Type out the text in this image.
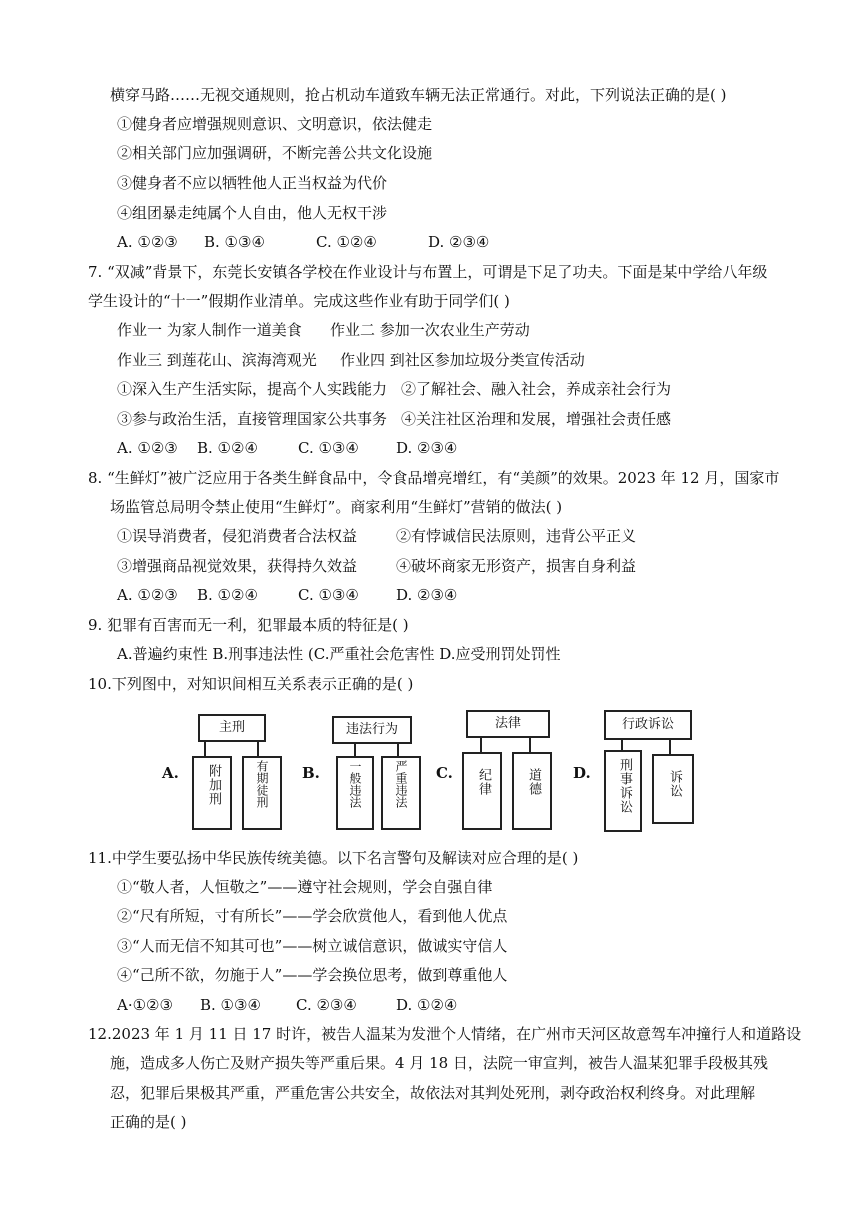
横穿马路……无视交通规则，抢占机动车道致车辆无法正常通行。对此，下列说法正确的是( )
①健身者应增强规则意识、文明意识，依法健走
②相关部门应加强调研，不断完善公共文化设施
③健身者不应以牺牲他人正当权益为代价
④组团暴走纯属个人自由，他人无权干涉
A. ①②③ B. ①③④	C. ①②④	D. ②③④
7. “双减”背景下，东莞长安镇各学校在作业设计与布置上，可谓是下足了功夫。下面是某中学给八年级
学生设计的“十一”假期作业清单。完成这些作业有助于同学们( )
作业一 为家人制作一道美食 作业二 参加一次农业生产劳动
作业三 到莲花山、滨海湾观光 作业四 到社区参加垃圾分类宣传活动
①深入生产生活实际，提高个人实践能力 ②了解社会、融入社会，养成亲社会行为
③参与政治生活，直接管理国家公共事务 ④关注社区治理和发展，增强社会责任感
A. ①②③ B. ①②④	C. ①③④ D. ②③④
8. “生鲜灯”被广泛应用于各类生鲜食品中，令食品增亮增红，有“美颜”的效果。2023 年 12 月，国家市
场监管总局明令禁止使用“生鲜灯”。商家利用“生鲜灯”营销的做法( )
①误导消费者，侵犯消费者合法权益	②有悖诚信民法原则，违背公平正义
③增强商品视觉效果，获得持久效益	④破坏商家无形资产，损害自身利益
A. ①②③ B. ①②④	C. ①③④ D. ②③④
9. 犯罪有百害而无一利，犯罪最本质的特征是( )
A.普遍约束性 B.刑事违法性 (C.严重社会危害性 D.应受刑罚处罚性
10.下列图中，对知识间相互关系表示正确的是( )
A.
主刑
附加刑	有期徒刑 B.
违法行为
一般违法	严重违法 C.
法律
纪律	道德 D.
行政诉讼
刑事诉讼	诉讼
11.中学生要弘扬中华民族传统美德。以下名言警句及解读对应合理的是( )
①“敬人者，人恒敬之”——遵守社会规则，学会自强自律
②“尺有所短，寸有所长”——学会欣赏他人，看到他人优点
③“人而无信不知其可也”——树立诚信意识，做诚实守信人
④“己所不欲，勿施于人”——学会换位思考，做到尊重他人
A·①②③ B. ①③④ C. ②③④	D. ①②④
12.2023 年 1 月 11 日 17 时许，被告人温某为发泄个人情绪，在广州市天河区故意驾车冲撞行人和道路设
施，造成多人伤亡及财产损失等严重后果。4 月 18 日，法院一审宣判，被告人温某犯罪手段极其残
忍，犯罪后果极其严重，严重危害公共安全，故依法对其判处死刑，剥夺政治权利终身。对此理解
正确的是( )
